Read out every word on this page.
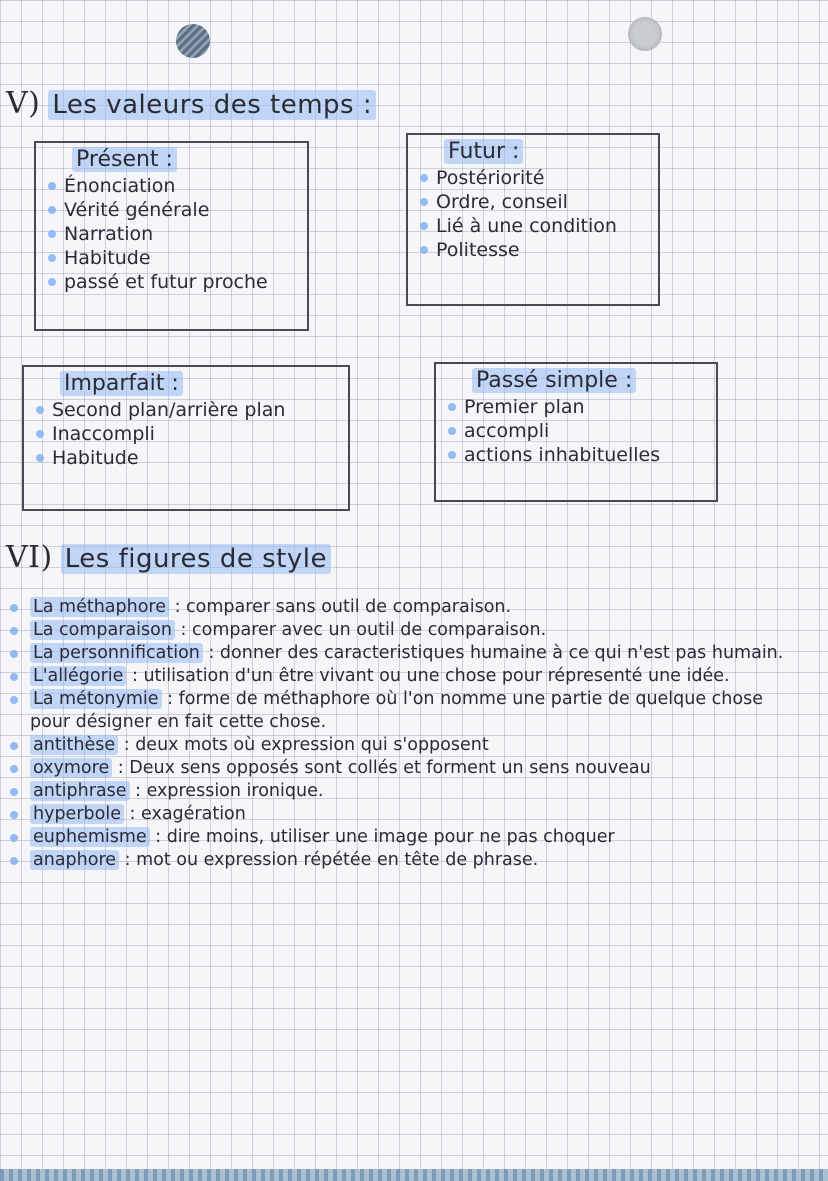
V) Les valeurs des temps :
Présent :
Énonciation
Vérité générale
Narration
Habitude
passé et futur proche
Futur :
Postériorité
Ordre, conseil
Lié à une condition
Politesse
Imparfait :
Second plan/arrière plan
Inaccompli
Habitude
Passé simple :
Premier plan
accompli
actions inhabituelles
VI) Les figures de style
La méthaphore : comparer sans outil de comparaison.
La comparaison : comparer avec un outil de comparaison.
La personnification : donner des caracteristiques humaine à ce qui n'est pas humain.
L'allégorie : utilisation d'un être vivant ou une chose pour répresenté une idée.
La métonymie : forme de méthaphore où l'on nomme une partie de quelque chose pour désigner en fait cette chose.
antithèse : deux mots où expression qui s'opposent
oxymore : Deux sens opposés sont collés et forment un sens nouveau
antiphrase : expression ironique.
hyperbole : exagération
euphemisme : dire moins, utiliser une image pour ne pas choquer
anaphore : mot ou expression répétée en tête de phrase.
